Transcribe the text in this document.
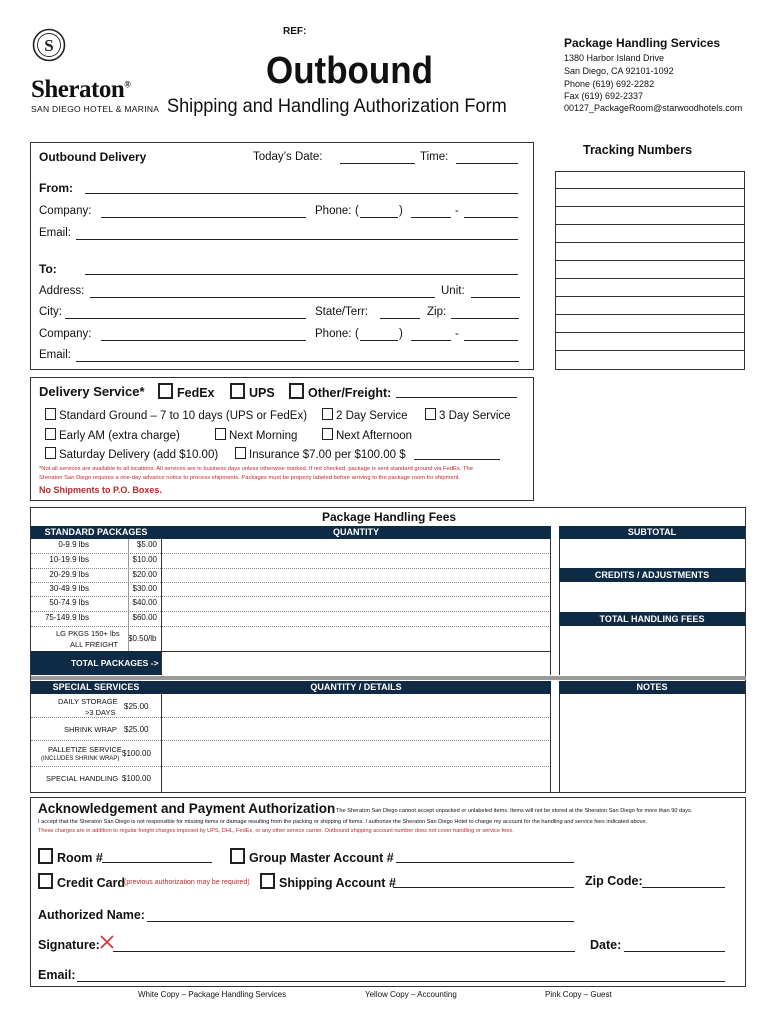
S
Sheraton®
SAN DIEGO HOTEL & MARINA
REF:
Outbound
Shipping and Handling Authorization Form
Package Handling Services
1380 Harbor Island Drive
San Diego, CA 92101-1092
Phone (619) 692-2282
Fax (619) 692-2337
00127_PackageRoom@starwoodhotels.com
Outbound Delivery	Today’s Date:	Time:
From:
Company:	Phone: (	)	-
Email:
To:
Address:	Unit:
City:	State/Terr:	Zip:
Company:	Phone: (	)	-
Email:
Tracking Numbers
Delivery Service*	FedEx	UPS	Other/Freight:
Standard Ground – 7 to 10 days (UPS or FedEx)	2 Day Service	3 Day Service
Early AM (extra charge)	Next Morning	Next Afternoon
Saturday Delivery (add $10.00)	Insurance $7.00 per $100.00 $
*Not all services are available to all locations. All services are in business days unless otherwise marked. If not checked, package is sent standard ground via FedEx. The
Sheraton San Diego requires a one-day advance notice to process shipments. Packages must be properly labeled before arriving to the package room for shipment.
No Shipments to P.O. Boxes.
Package Handling Fees
STANDARD PACKAGES	QUANTITY	SUBTOTAL
0-9.9 lbs	$5.00
10-19.9 lbs	$10.00
20-29.9 lbs	$20.00
30-49.9 lbs	$30.00
50-74.9 lbs	$40.00
75-149.9 lbs	$60.00
LG PKGS 150+ lbs
ALL FREIGHT
$0.50/lb
TOTAL PACKAGES ->
CREDITS / ADJUSTMENTS
TOTAL HANDLING FEES
SPECIAL SERVICES	QUANTITY / DETAILS	NOTES
DAILY STORAGE
>3 DAYS
$25.00
SHRINK WRAP $25.00
PALLETIZE SERVICE
(INCLUDES SHRINK WRAP)
$100.00
SPECIAL HANDLING $100.00
Acknowledgement and Payment Authorization The Sheraton San Diego cannot accept unpacked or unlabeled items. Items will not be stored at the Sheraton San Diego for more than 90 days.
I accept that the Sheraton San Diego is not responsible for missing items or damage resulting from the packing or shipping of items. I authorize the Sheraton San Diego Hotel to charge my account for the handling and service fees indicated above.
These charges are in addition to regular freight charges imposed by UPS, DHL, FedEx, or any other service carrier. Outbound shipping account number does not cover handling or service fees.
Room #	Group Master Account #
Credit Card
(previous authorization may be required)	Shipping Account #	Zip Code:
Authorized Name:
Signature:	Date:
Email:
White Copy – Package Handling Services	Yellow Copy – Accounting	Pink Copy – Guest
